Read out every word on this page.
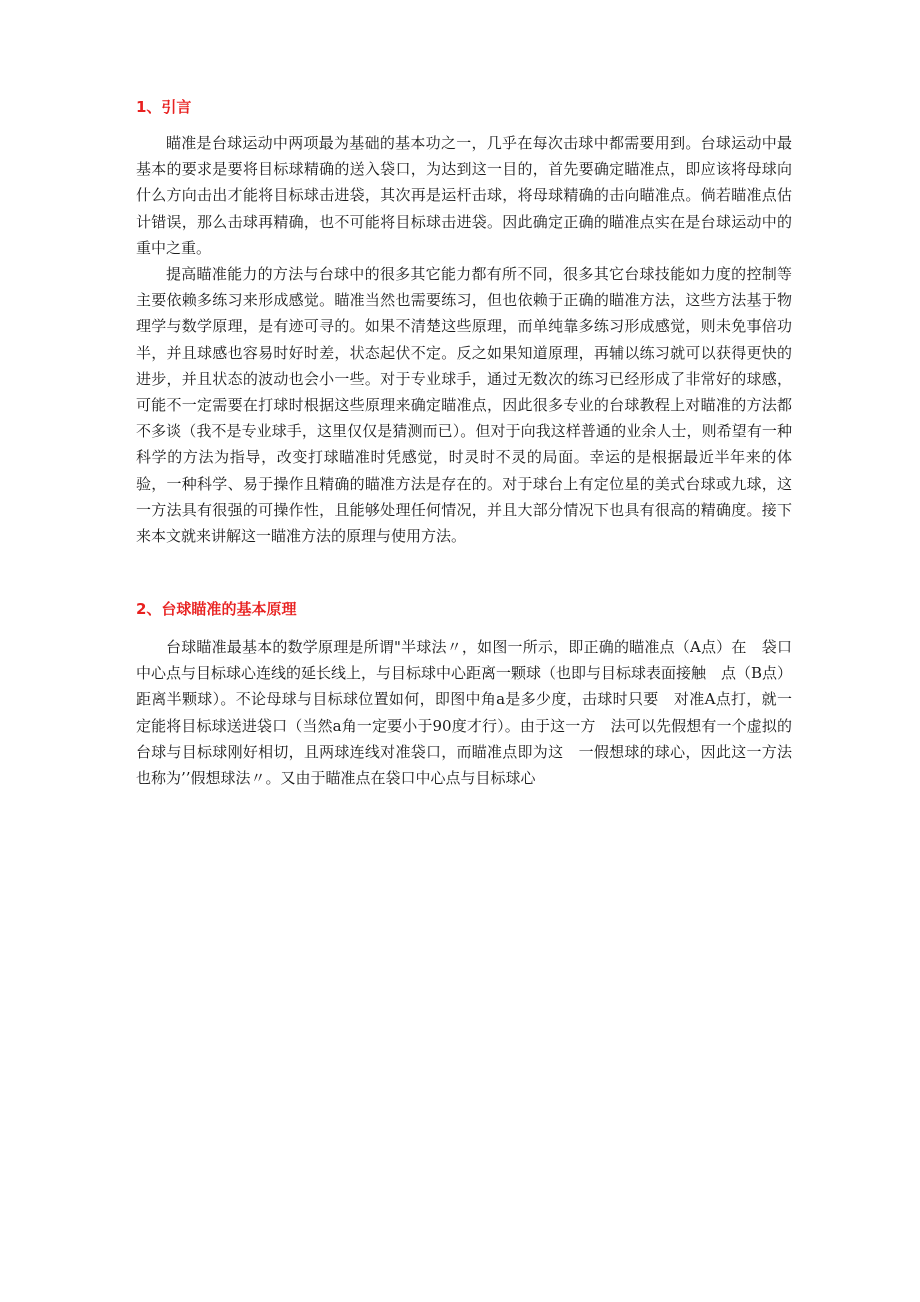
1、引言

瞄准是台球运动中两项最为基础的基本功之一，几乎在每次击球中都需要用到。台球运动中最基本的要求是要将目标球精确的送入袋口，为达到这一目的，首先要确定瞄准点，即应该将母球向什么方向击出才能将目标球击进袋，其次再是运杆击球，将母球精确的击向瞄准点。倘若瞄准点估计错误，那么击球再精确，也不可能将目标球击进袋。因此确定正确的瞄准点实在是台球运动中的重中之重。

提高瞄准能力的方法与台球中的很多其它能力都有所不同，很多其它台球技能如力度的控制等主要依赖多练习来形成感觉。瞄准当然也需要练习，但也依赖于正确的瞄准方法，这些方法基于物理学与数学原理，是有迹可寻的。如果不清楚这些原理，而单纯靠多练习形成感觉，则未免事倍功半，并且球感也容易时好时差，状态起伏不定。反之如果知道原理，再辅以练习就可以获得更快的进步，并且状态的波动也会小一些。对于专业球手，通过无数次的练习已经形成了非常好的球感，可能不一定需要在打球时根据这些原理来确定瞄准点，因此很多专业的台球教程上对瞄准的方法都不多谈（我不是专业球手，这里仅仅是猜测而已）。但对于向我这样普通的业余人士，则希望有一种科学的方法为指导，改变打球瞄准时凭感觉，时灵时不灵的局面。幸运的是根据最近半年来的体验，一种科学、易于操作且精确的瞄准方法是存在的。对于球台上有定位星的美式台球或九球，这一方法具有很强的可操作性，且能够处理任何情况，并且大部分情况下也具有很高的精确度。接下来本文就来讲解这一瞄准方法的原理与使用方法。

2、台球瞄准的基本原理

台球瞄准最基本的数学原理是所谓"半球法〃，如图一所示，即正确的瞄准点（A点）在　袋口中心点与目标球心连线的延长线上，与目标球中心距离一颗球（也即与目标球表面接触　点（B点）距离半颗球）。不论母球与目标球位置如何，即图中角a是多少度，击球时只要　对准A点打，就一定能将目标球送进袋口（当然a角一定要小于90度才行）。由于这一方　法可以先假想有一个虚拟的台球与目标球刚好相切，且两球连线对准袋口，而瞄准点即为这　一假想球的球心，因此这一方法也称为’’假想球法〃。又由于瞄准点在袋口中心点与目标球心
